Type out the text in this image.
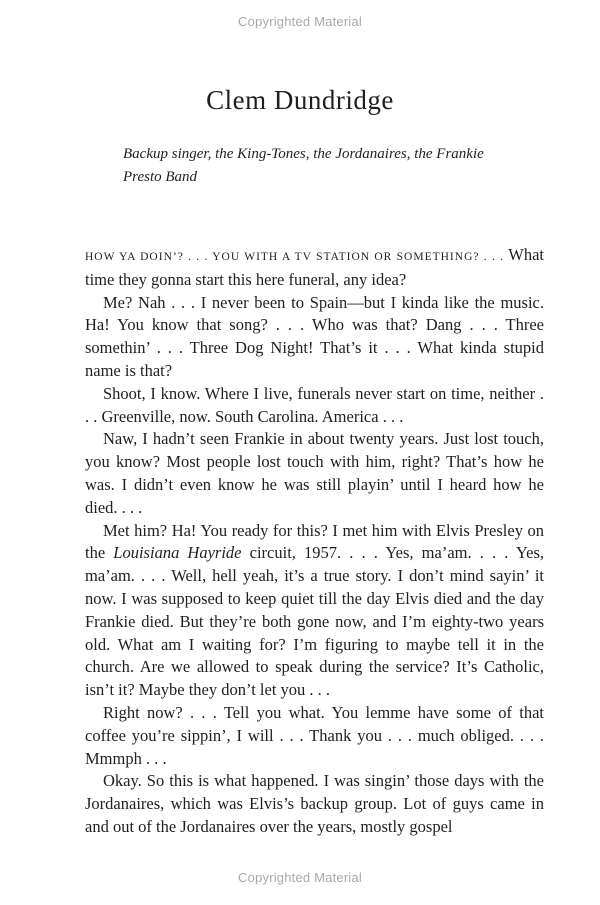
Copyrighted Material
Clem Dundridge

Backup singer, the King-Tones, the Jordanaires, the Frankie Presto Band

HOW YA DOIN’? . . . YOU WITH A TV STATION OR SOMETHING? . . . What time they gonna start this here funeral, any idea?

Me? Nah . . . I never been to Spain—but I kinda like the music. Ha! You know that song? . . . Who was that? Dang . . . Three somethin’ . . . Three Dog Night! That’s it . . . What kinda stupid name is that?

Shoot, I know. Where I live, funerals never start on time, neither . . . Greenville, now. South Carolina. America . . .

Naw, I hadn’t seen Frankie in about twenty years. Just lost touch, you know? Most people lost touch with him, right? That’s how he was. I didn’t even know he was still playin’ until I heard how he died. . . .

Met him? Ha! You ready for this? I met him with Elvis Presley on the Louisiana Hayride circuit, 1957. . . . Yes, ma’am. . . . Yes, ma’am. . . . Well, hell yeah, it’s a true story. I don’t mind sayin’ it now. I was supposed to keep quiet till the day Elvis died and the day Frankie died. But they’re both gone now, and I’m eighty-two years old. What am I waiting for? I’m figuring to maybe tell it in the church. Are we allowed to speak during the service? It’s Catholic, isn’t it? Maybe they don’t let you . . .

Right now? . . . Tell you what. You lemme have some of that coffee you’re sippin’, I will . . . Thank you . . . much obliged. . . . Mmmph . . .

Okay. So this is what happened. I was singin’ those days with the Jordanaires, which was Elvis’s backup group. Lot of guys came in and out of the Jordanaires over the years, mostly gospel

Copyrighted Material
